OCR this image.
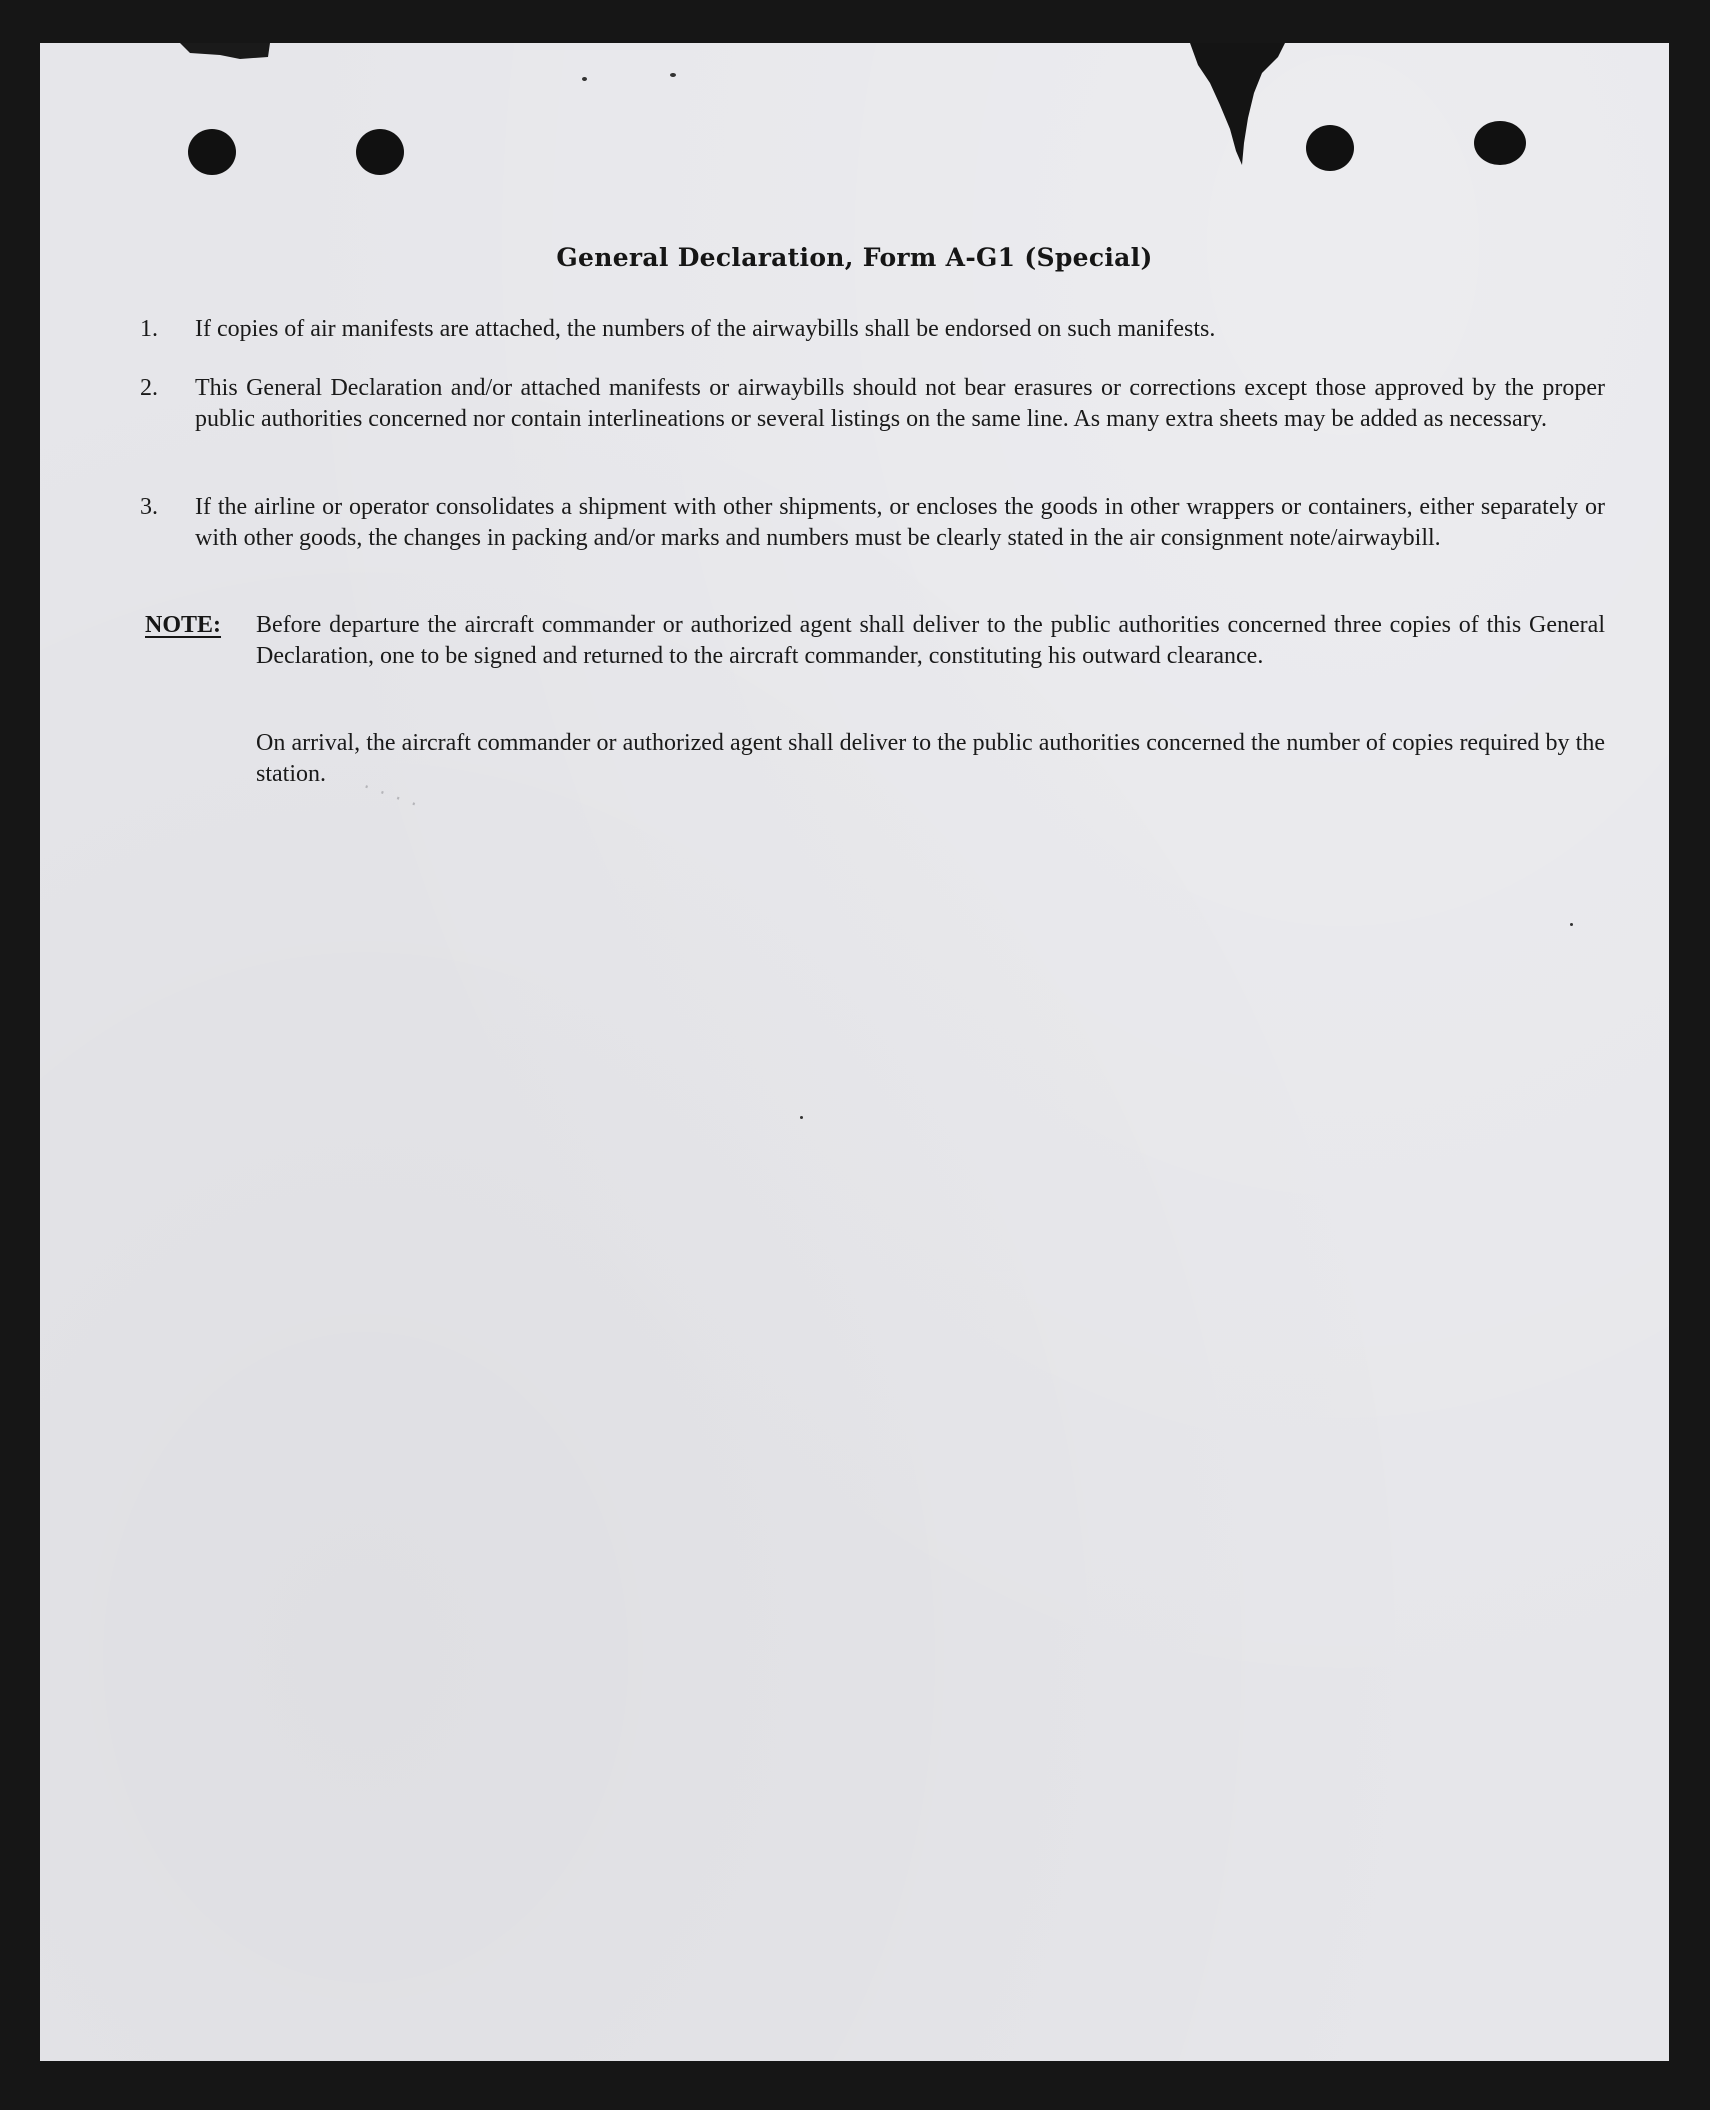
General Declaration, Form A-G1 (Special)
1.	If copies of air manifests are attached, the numbers of the airwaybills shall be endorsed on such manifests.
2.	This General Declaration and/or attached manifests or airwaybills should not bear erasures or corrections except those approved by the proper public authorities concerned nor contain interlineations or several listings on the same line. As many extra sheets may be added as necessary.
3.	If the airline or operator consolidates a shipment with other shipments, or encloses the goods in other wrappers or containers, either separately or with other goods, the changes in packing and/or marks and numbers must be clearly stated in the air consignment note/airwaybill.
NOTE: Before departure the aircraft commander or authorized agent shall deliver to the public authorities concerned three copies of this General Declaration, one to be signed and returned to the aircraft commander, constituting his outward clearance.
On arrival, the aircraft commander or authorized agent shall deliver to the public authorities concerned the number of copies required by the station.	· · · ·
